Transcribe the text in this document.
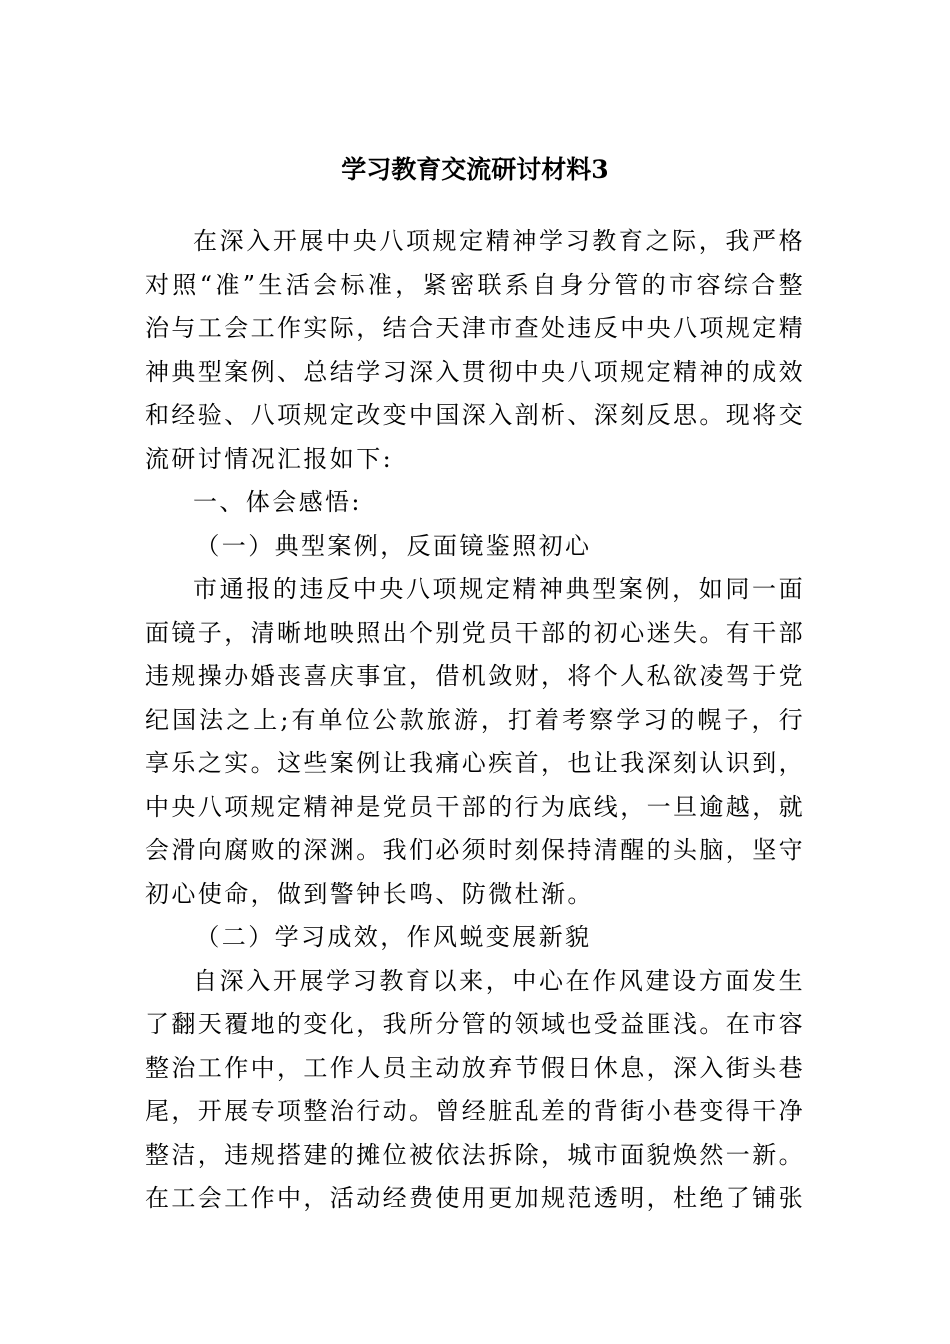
学习教育交流研讨材料3

在深入开展中央八项规定精神学习教育之际，我严格对照“准”生活会标准，紧密联系自身分管的市容综合整治与工会工作实际，结合天津市查处违反中央八项规定精神典型案例、总结学习深入贯彻中央八项规定精神的成效和经验、八项规定改变中国深入剖析、深刻反思。现将交流研讨情况汇报如下:

一、体会感悟:

（一）典型案例，反面镜鉴照初心

市通报的违反中央八项规定精神典型案例，如同一面面镜子，清晰地映照出个别党员干部的初心迷失。有干部违规操办婚丧喜庆事宜，借机敛财，将个人私欲凌驾于党纪国法之上;有单位公款旅游，打着考察学习的幌子，行享乐之实。这些案例让我痛心疾首，也让我深刻认识到，中央八项规定精神是党员干部的行为底线，一旦逾越，就会滑向腐败的深渊。我们必须时刻保持清醒的头脑，坚守初心使命，做到警钟长鸣、防微杜渐。

（二）学习成效，作风蜕变展新貌

自深入开展学习教育以来，中心在作风建设方面发生了翻天覆地的变化，我所分管的领域也受益匪浅。在市容整治工作中，工作人员主动放弃节假日休息，深入街头巷尾，开展专项整治行动。曾经脏乱差的背街小巷变得干净整洁，违规搭建的摊位被依法拆除，城市面貌焕然一新。在工会工作中，活动经费使用更加规范透明，杜绝了铺张
